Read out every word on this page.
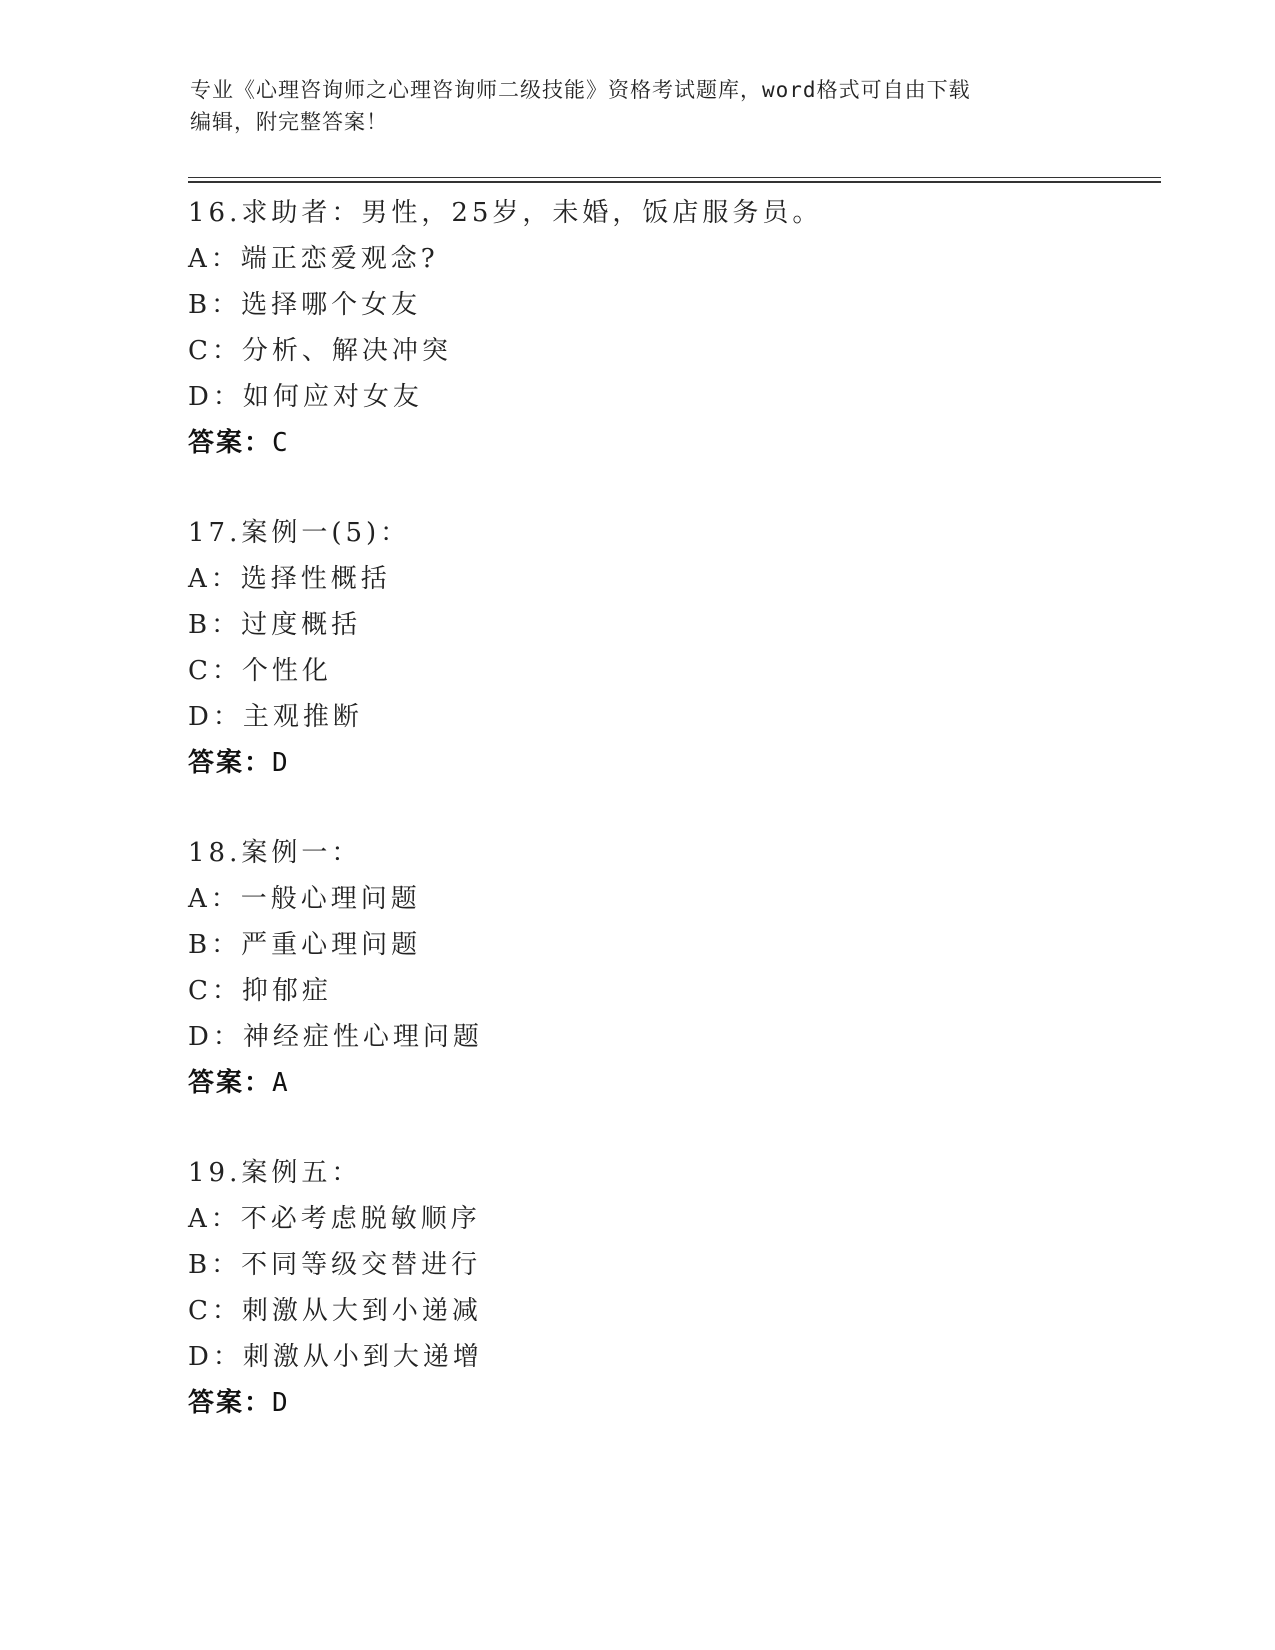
专业《心理咨询师之心理咨询师二级技能》资格考试题库，word格式可自由下载
编辑，附完整答案！
16.求助者：男性，25岁，未婚，饭店服务员。
A：端正恋爱观念?
B：选择哪个女友
C：分析、解决冲突
D：如何应对女友
答案：C
17.案例一(5)：
A：选择性概括
B：过度概括
C：个性化
D：主观推断
答案：D
18.案例一：
A：一般心理问题
B：严重心理问题
C：抑郁症
D：神经症性心理问题
答案：A
19.案例五：
A：不必考虑脱敏顺序
B：不同等级交替进行
C：刺激从大到小递减
D：刺激从小到大递增
答案：D
